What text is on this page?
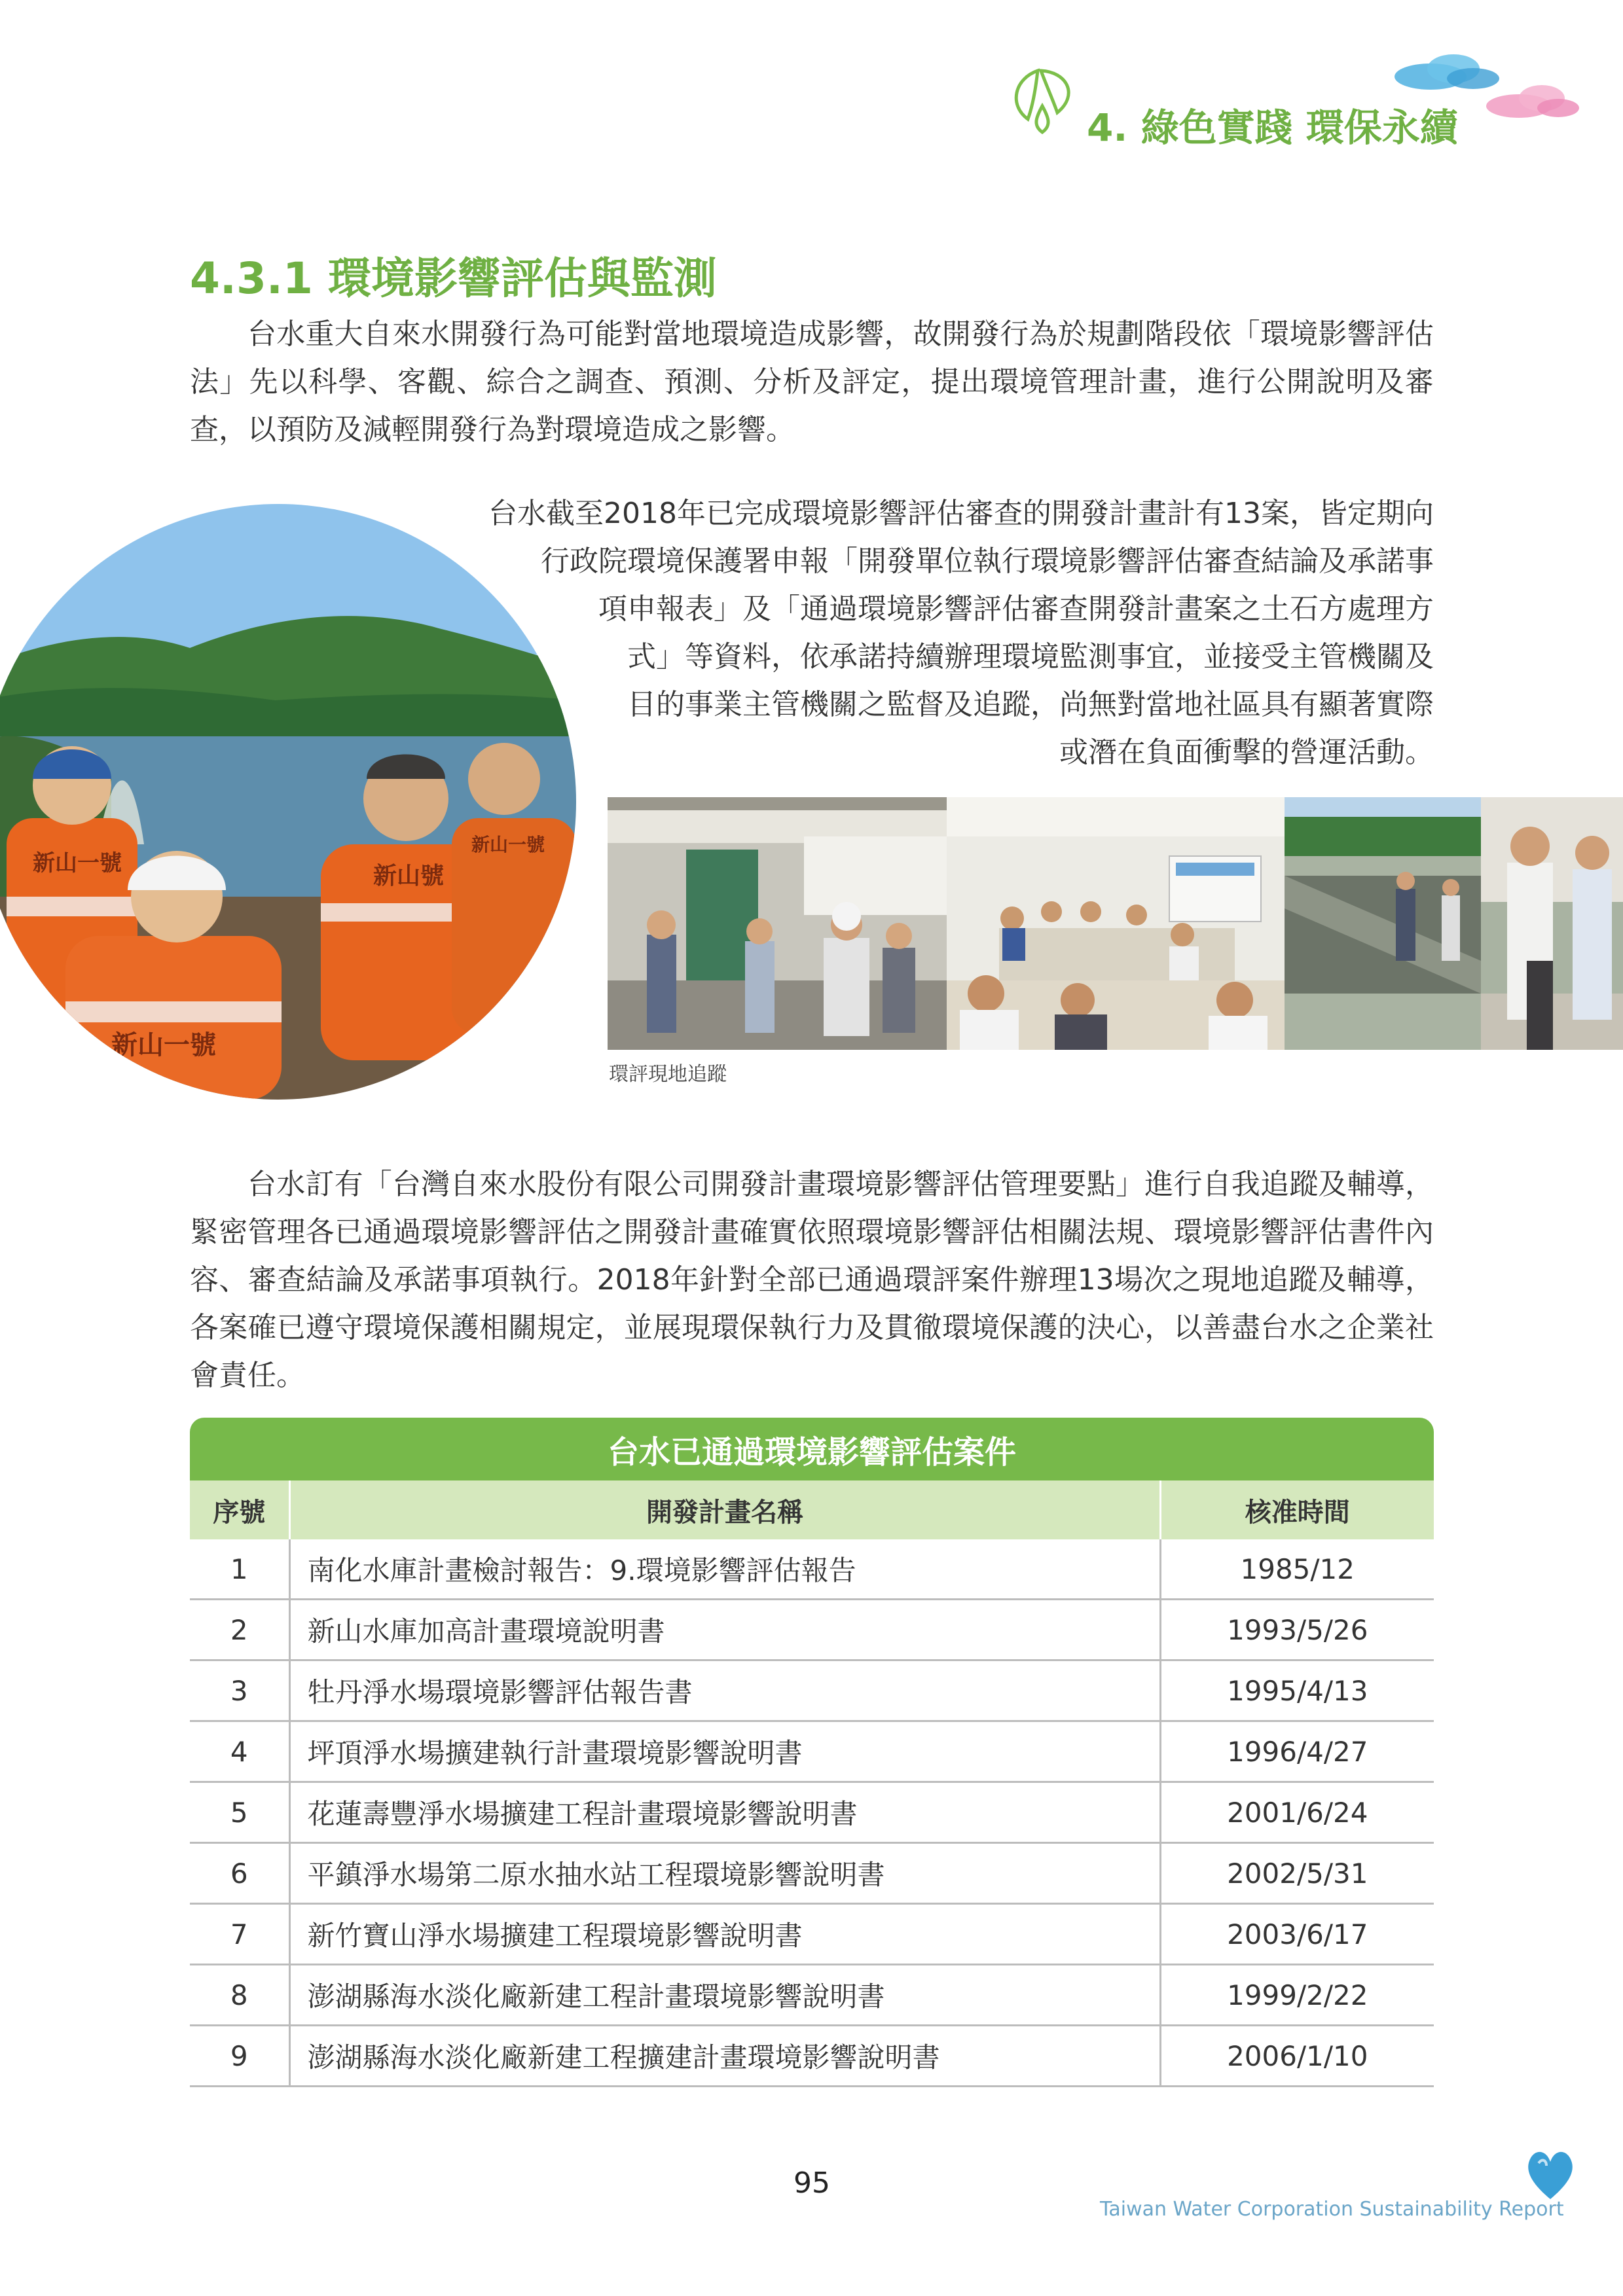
4. 綠色實踐 環保永續
4.3.1 環境影響評估與監測

台水重大自來水開發行為可能對當地環境造成影響，故開發行為於規劃階段依「環境影響評估法」先以科學、客觀、綜合之調查、預測、分析及評定，提出環境管理計畫，進行公開說明及審查，以預防及減輕開發行為對環境造成之影響。

新山一號	新山號
新山一號
新山一號
台水截至2018年已完成環境影響評估審查的開發計畫計有13案，皆定期向
行政院環境保護署申報「開發單位執行環境影響評估審查結論及承諾事
項申報表」及「通過環境影響評估審查開發計畫案之土石方處理方
式」等資料，依承諾持續辦理環境監測事宜，並接受主管機關及
目的事業主管機關之監督及追蹤，尚無對當地社區具有顯著實際
或潛在負面衝擊的營運活動。
環評現地追蹤

台水訂有「台灣自來水股份有限公司開發計畫環境影響評估管理要點」進行自我追蹤及輔導，緊密管理各已通過環境影響評估之開發計畫確實依照環境影響評估相關法規、環境影響評估書件內容、審查結論及承諾事項執行。2018年針對全部已通過環評案件辦理13場次之現地追蹤及輔導，各案確已遵守環境保護相關規定，並展現環保執行力及貫徹環境保護的決心，以善盡台水之企業社會責任。

台水已通過環境影響評估案件
序號	開發計畫名稱	核准時間
1	南化水庫計畫檢討報告：9.環境影響評估報告	1985/12
2	新山水庫加高計畫環境說明書	1993/5/26
3	牡丹淨水場環境影響評估報告書	1995/4/13
4	坪頂淨水場擴建執行計畫環境影響說明書	1996/4/27
5	花蓮壽豐淨水場擴建工程計畫環境影響說明書	2001/6/24
6	平鎮淨水場第二原水抽水站工程環境影響說明書	2002/5/31
7	新竹寶山淨水場擴建工程環境影響說明書	2003/6/17
8	澎湖縣海水淡化廠新建工程計畫環境影響說明書	1999/2/22
9	澎湖縣海水淡化廠新建工程擴建計畫環境影響說明書	2006/1/10
95
Taiwan Water Corporation Sustainability Report
